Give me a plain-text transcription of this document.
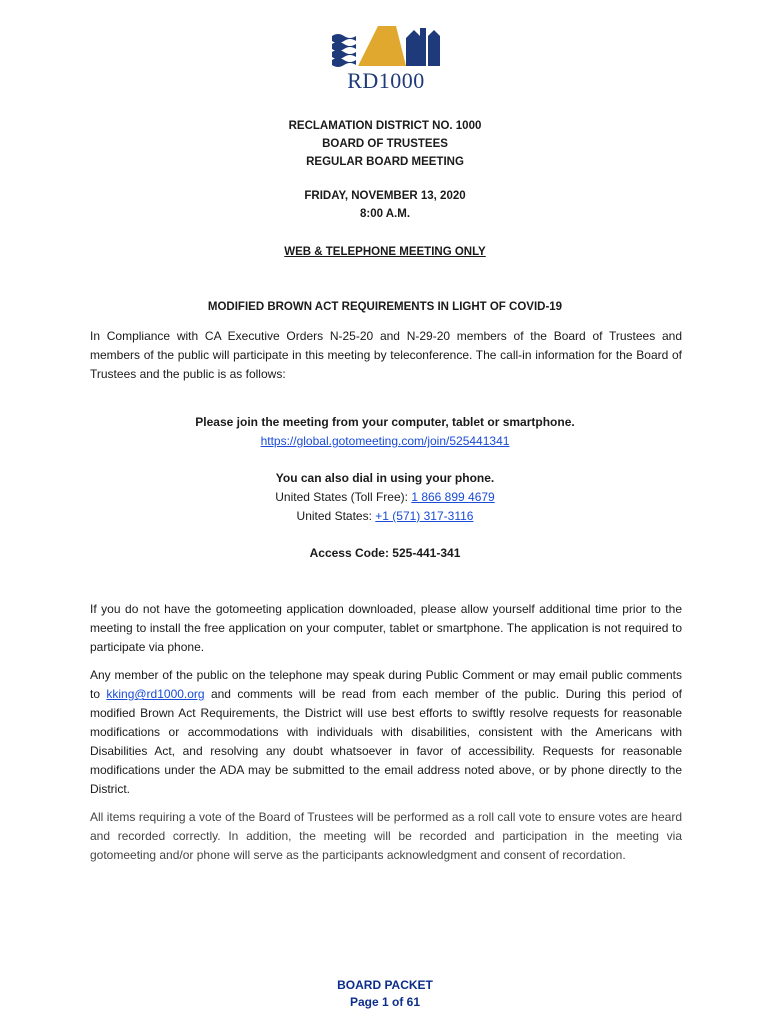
RD1000
RECLAMATION DISTRICT NO. 1000
BOARD OF TRUSTEES
REGULAR BOARD MEETING
FRIDAY, NOVEMBER 13, 2020
8:00 A.M.
WEB & TELEPHONE MEETING ONLY
MODIFIED BROWN ACT REQUIREMENTS IN LIGHT OF COVID-19
In Compliance with CA Executive Orders N-25-20 and N-29-20 members of the Board of Trustees and members of the public will participate in this meeting by teleconference. The call-in information for the Board of Trustees and the public is as follows:
Please join the meeting from your computer, tablet or smartphone.
https://global.gotomeeting.com/join/525441341
You can also dial in using your phone.
United States (Toll Free): 1 866 899 4679
United States: +1 (571) 317-3116
Access Code: 525-441-341
If you do not have the gotomeeting application downloaded, please allow yourself additional time prior to the meeting to install the free application on your computer, tablet or smartphone. The application is not required to participate via phone.
Any member of the public on the telephone may speak during Public Comment or may email public comments to kking@rd1000.org and comments will be read from each member of the public. During this period of modified Brown Act Requirements, the District will use best efforts to swiftly resolve requests for reasonable modifications or accommodations with individuals with disabilities, consistent with the Americans with Disabilities Act, and resolving any doubt whatsoever in favor of accessibility. Requests for reasonable modifications under the ADA may be submitted to the email address noted above, or by phone directly to the District.
All items requiring a vote of the Board of Trustees will be performed as a roll call vote to ensure votes are heard and recorded correctly. In addition, the meeting will be recorded and participation in the meeting via gotomeeting and/or phone will serve as the participants acknowledgment and consent of recordation.
BOARD PACKET
Page 1 of 61
